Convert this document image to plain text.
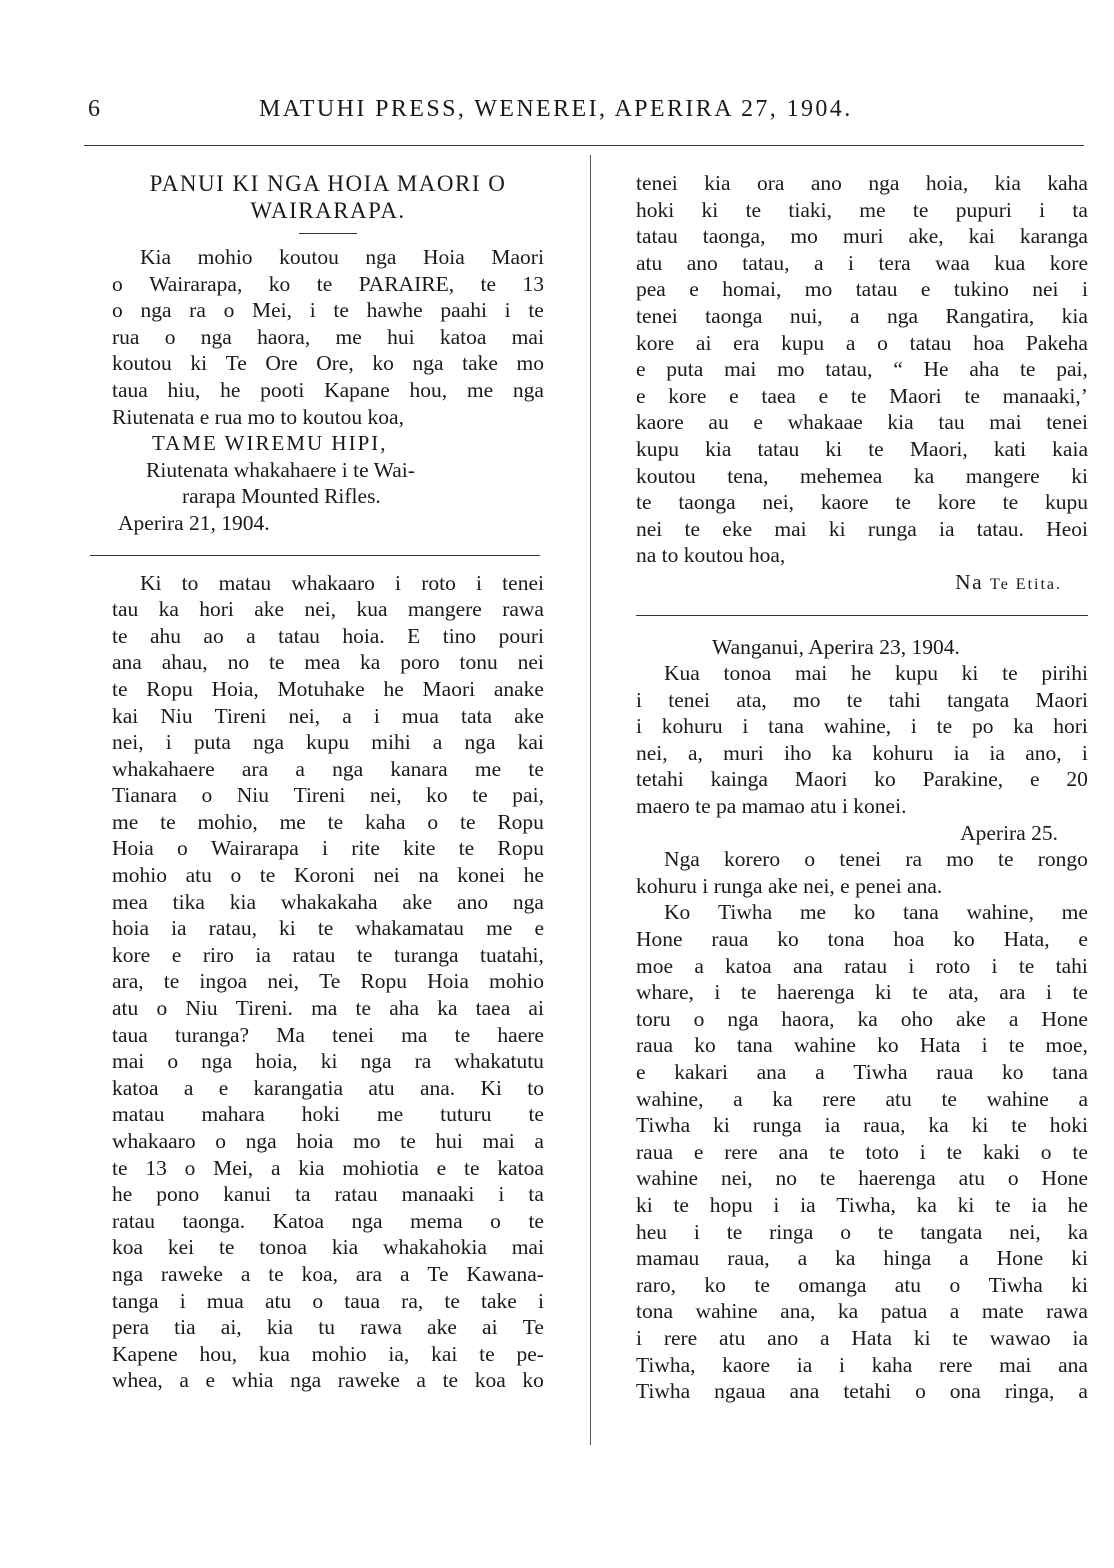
6	MATUHI PRESS, WENEREI, APERIRA 27, 1904.
PANUI KI NGA HOIA MAORI O
WAIRARAPA.
Kia mohio koutou nga Hoia Maori
o Wairarapa, ko te PARAIRE, te 13
o nga ra o Mei, i te hawhe paahi i te
rua o nga haora, me hui katoa mai
koutou ki Te Ore Ore, ko nga take mo
taua hiu, he pooti Kapane hou, me nga
Riutenata e rua mo to koutou koa,
TAME WIREMU HIPI,
Riutenata whakahaere i te Wai-
rarapa Mounted Rifles.
Aperira 21, 1904.
Ki to matau whakaaro i roto i tenei
tau ka hori ake nei, kua mangere rawa
te ahu ao a tatau hoia. E tino pouri
ana ahau, no te mea ka poro tonu nei
te Ropu Hoia, Motuhake he Maori anake
kai Niu Tireni nei, a i mua tata ake
nei, i puta nga kupu mihi a nga kai
whakahaere ara a nga kanara me te
Tianara o Niu Tireni nei, ko te pai,
me te mohio, me te kaha o te Ropu
Hoia o Wairarapa i rite kite te Ropu
mohio atu o te Koroni nei na konei he
mea tika kia whakakaha ake ano nga
hoia ia ratau, ki te whakamatau me e
kore e riro ia ratau te turanga tuatahi,
ara, te ingoa nei, Te Ropu Hoia mohio
atu o Niu Tireni. ma te aha ka taea ai
taua turanga? Ma tenei ma te haere
mai o nga hoia, ki nga ra whakatutu
katoa a e karangatia atu ana. Ki to
matau mahara hoki me tuturu te
whakaaro o nga hoia mo te hui mai a
te 13 o Mei, a kia mohiotia e te katoa
he pono kanui ta ratau manaaki i ta
ratau taonga. Katoa nga mema o te
koa kei te tonoa kia whakahokia mai
nga raweke a te koa, ara a Te Kawana-
tanga i mua atu o taua ra, te take i
pera tia ai, kia tu rawa ake ai Te
Kapene hou, kua mohio ia, kai te pe-
whea, a e whia nga raweke a te koa ko
tenei kia ora ano nga hoia, kia kaha
hoki ki te tiaki, me te pupuri i ta
tatau taonga, mo muri ake, kai karanga
atu ano tatau, a i tera waa kua kore
pea e homai, mo tatau e tukino nei i
tenei taonga nui, a nga Rangatira, kia
kore ai era kupu a o tatau hoa Pakeha
e puta mai mo tatau, “ He aha te pai,
e kore e taea e te Maori te manaaki,’
kaore au e whakaae kia tau mai tenei
kupu kia tatau ki te Maori, kati kaia
koutou tena, mehemea ka mangere ki
te taonga nei, kaore te kore te kupu
nei te eke mai ki runga ia tatau. Heoi
na to koutou hoa,
Na Te Etita.
Wanganui, Aperira 23, 1904.
Kua tonoa mai he kupu ki te pirihi
i tenei ata, mo te tahi tangata Maori
i kohuru i tana wahine, i te po ka hori
nei, a, muri iho ka kohuru ia ia ano, i
tetahi kainga Maori ko Parakine, e 20
maero te pa mamao atu i konei.
Aperira 25.
Nga korero o tenei ra mo te rongo
kohuru i runga ake nei, e penei ana.
Ko Tiwha me ko tana wahine, me
Hone raua ko tona hoa ko Hata, e
moe a katoa ana ratau i roto i te tahi
whare, i te haerenga ki te ata, ara i te
toru o nga haora, ka oho ake a Hone
raua ko tana wahine ko Hata i te moe,
e kakari ana a Tiwha raua ko tana
wahine, a ka rere atu te wahine a
Tiwha ki runga ia raua, ka ki te hoki
raua e rere ana te toto i te kaki o te
wahine nei, no te haerenga atu o Hone
ki te hopu i ia Tiwha, ka ki te ia he
heu i te ringa o te tangata nei, ka
mamau raua, a ka hinga a Hone ki
raro, ko te omanga atu o Tiwha ki
tona wahine ana, ka patua a mate rawa
i rere atu ano a Hata ki te wawao ia
Tiwha, kaore ia i kaha rere mai ana
Tiwha ngaua ana tetahi o ona ringa, a
